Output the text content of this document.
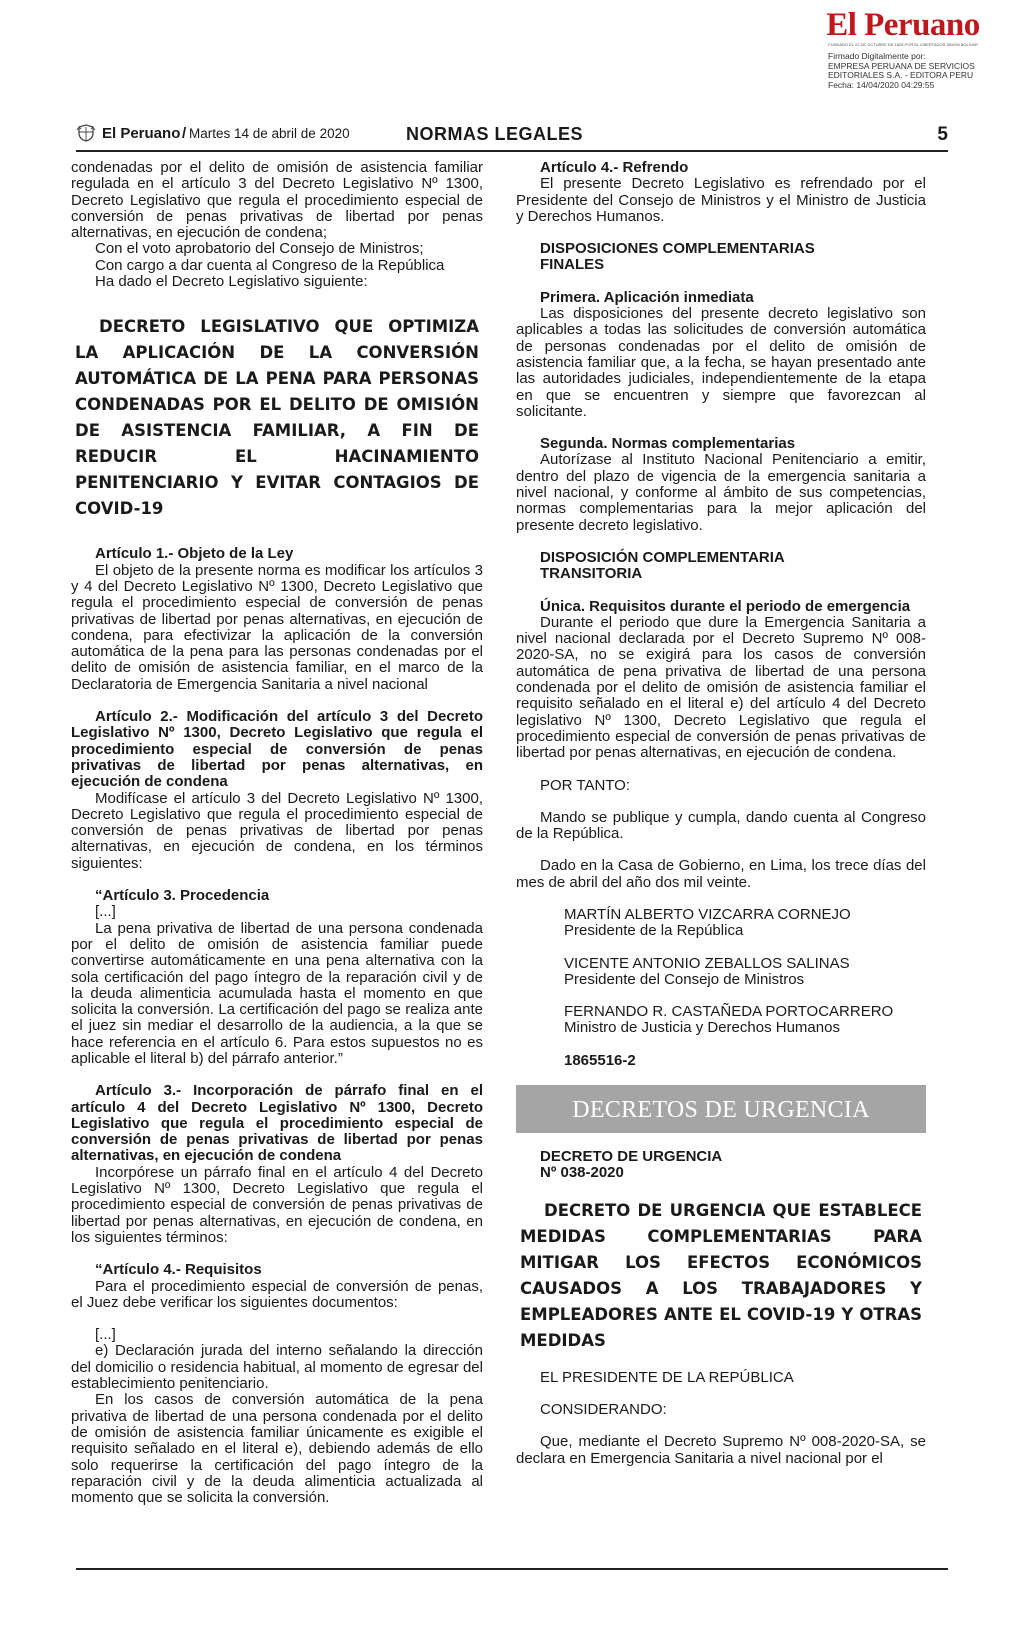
El Peruano
FUNDADO EL 22 DE OCTUBRE DE 1825 POR EL LIBERTADOR SIMÓN BOLÍVAR
Firmado Digitalmente por:
EMPRESA PERUANA DE SERVICIOS
EDITORIALES S.A. - EDITORA PERU
Fecha: 14/04/2020 04:29:55
El Peruano / Martes 14 de abril de 2020	NORMAS LEGALES	5

condenadas por el delito de omisión de asistencia familiar regulada en el artículo 3 del Decreto Legislativo Nº 1300, Decreto Legislativo que regula el procedimiento especial de conversión de penas privativas de libertad por penas alternativas, en ejecución de condena;

Con el voto aprobatorio del Consejo de Ministros;

Con cargo a dar cuenta al Congreso de la República

Ha dado el Decreto Legislativo siguiente:

DECRETO LEGISLATIVO QUE OPTIMIZA LA APLICACIÓN DE LA CONVERSIÓN AUTOMÁTICA DE LA PENA PARA PERSONAS CONDENADAS POR EL DELITO DE OMISIÓN DE ASISTENCIA FAMILIAR, A FIN DE REDUCIR EL HACINAMIENTO PENITENCIARIO Y EVITAR CONTAGIOS DE COVID-19

Artículo 1.- Objeto de la Ley

El objeto de la presente norma es modificar los artículos 3 y 4 del Decreto Legislativo Nº 1300, Decreto Legislativo que regula el procedimiento especial de conversión de penas privativas de libertad por penas alternativas, en ejecución de condena, para efectivizar la aplicación de la conversión automática de la pena para las personas condenadas por el delito de omisión de asistencia familiar, en el marco de la Declaratoria de Emergencia Sanitaria a nivel nacional

Artículo 2.- Modificación del artículo 3 del Decreto Legislativo Nº 1300, Decreto Legislativo que regula el procedimiento especial de conversión de penas privativas de libertad por penas alternativas, en ejecución de condena

Modifícase el artículo 3 del Decreto Legislativo Nº 1300, Decreto Legislativo que regula el procedimiento especial de conversión de penas privativas de libertad por penas alternativas, en ejecución de condena, en los términos siguientes:

“Artículo 3. Procedencia

[...]

La pena privativa de libertad de una persona condenada por el delito de omisión de asistencia familiar puede convertirse automáticamente en una pena alternativa con la sola certificación del pago íntegro de la reparación civil y de la deuda alimenticia acumulada hasta el momento en que solicita la conversión. La certificación del pago se realiza ante el juez sin mediar el desarrollo de la audiencia, a la que se hace referencia en el artículo 6. Para estos supuestos no es aplicable el literal b) del párrafo anterior.”

Artículo 3.- Incorporación de párrafo final en el artículo 4 del Decreto Legislativo Nº 1300, Decreto Legislativo que regula el procedimiento especial de conversión de penas privativas de libertad por penas alternativas, en ejecución de condena

Incorpórese un párrafo final en el artículo 4 del Decreto Legislativo Nº 1300, Decreto Legislativo que regula el procedimiento especial de conversión de penas privativas de libertad por penas alternativas, en ejecución de condena, en los siguientes términos:

“Artículo 4.- Requisitos

Para el procedimiento especial de conversión de penas, el Juez debe verificar los siguientes documentos:

[...]

e) Declaración jurada del interno señalando la dirección del domicilio o residencia habitual, al momento de egresar del establecimiento penitenciario.

En los casos de conversión automática de la pena privativa de libertad de una persona condenada por el delito de omisión de asistencia familiar únicamente es exigible el requisito señalado en el literal e), debiendo además de ello solo requerirse la certificación del pago íntegro de la reparación civil y de la deuda alimenticia actualizada al momento que se solicita la conversión.

Artículo 4.- Refrendo

El presente Decreto Legislativo es refrendado por el Presidente del Consejo de Ministros y el Ministro de Justicia y Derechos Humanos.

DISPOSICIONES COMPLEMENTARIAS

FINALES

Primera. Aplicación inmediata

Las disposiciones del presente decreto legislativo son aplicables a todas las solicitudes de conversión automática de personas condenadas por el delito de omisión de asistencia familiar que, a la fecha, se hayan presentado ante las autoridades judiciales, independientemente de la etapa en que se encuentren y siempre que favorezcan al solicitante.

Segunda. Normas complementarias

Autorízase al Instituto Nacional Penitenciario a emitir, dentro del plazo de vigencia de la emergencia sanitaria a nivel nacional, y conforme al ámbito de sus competencias, normas complementarias para la mejor aplicación del presente decreto legislativo.

DISPOSICIÓN COMPLEMENTARIA

TRANSITORIA

Única. Requisitos durante el periodo de emergencia

Durante el periodo que dure la Emergencia Sanitaria a nivel nacional declarada por el Decreto Supremo Nº 008-2020-SA, no se exigirá para los casos de conversión automática de pena privativa de libertad de una persona condenada por el delito de omisión de asistencia familiar el requisito señalado en el literal e) del artículo 4 del Decreto legislativo Nº 1300, Decreto Legislativo que regula el procedimiento especial de conversión de penas privativas de libertad por penas alternativas, en ejecución de condena.

POR TANTO:

Mando se publique y cumpla, dando cuenta al Congreso de la República.

Dado en la Casa de Gobierno, en Lima, los trece días del mes de abril del año dos mil veinte.

MARTÍN ALBERTO VIZCARRA CORNEJO

Presidente de la República

VICENTE ANTONIO ZEBALLOS SALINAS

Presidente del Consejo de Ministros

FERNANDO R. CASTAÑEDA PORTOCARRERO

Ministro de Justicia y Derechos Humanos

1865516-2

DECRETOS DE URGENCIA

DECRETO DE URGENCIA

Nº 038-2020

DECRETO DE URGENCIA QUE ESTABLECE MEDIDAS COMPLEMENTARIAS PARA MITIGAR LOS EFECTOS ECONÓMICOS CAUSADOS A LOS TRABAJADORES Y EMPLEADORES ANTE EL COVID-19 Y OTRAS MEDIDAS

EL PRESIDENTE DE LA REPÚBLICA

CONSIDERANDO:

Que, mediante el Decreto Supremo Nº 008-2020-SA, se declara en Emergencia Sanitaria a nivel nacional por el
